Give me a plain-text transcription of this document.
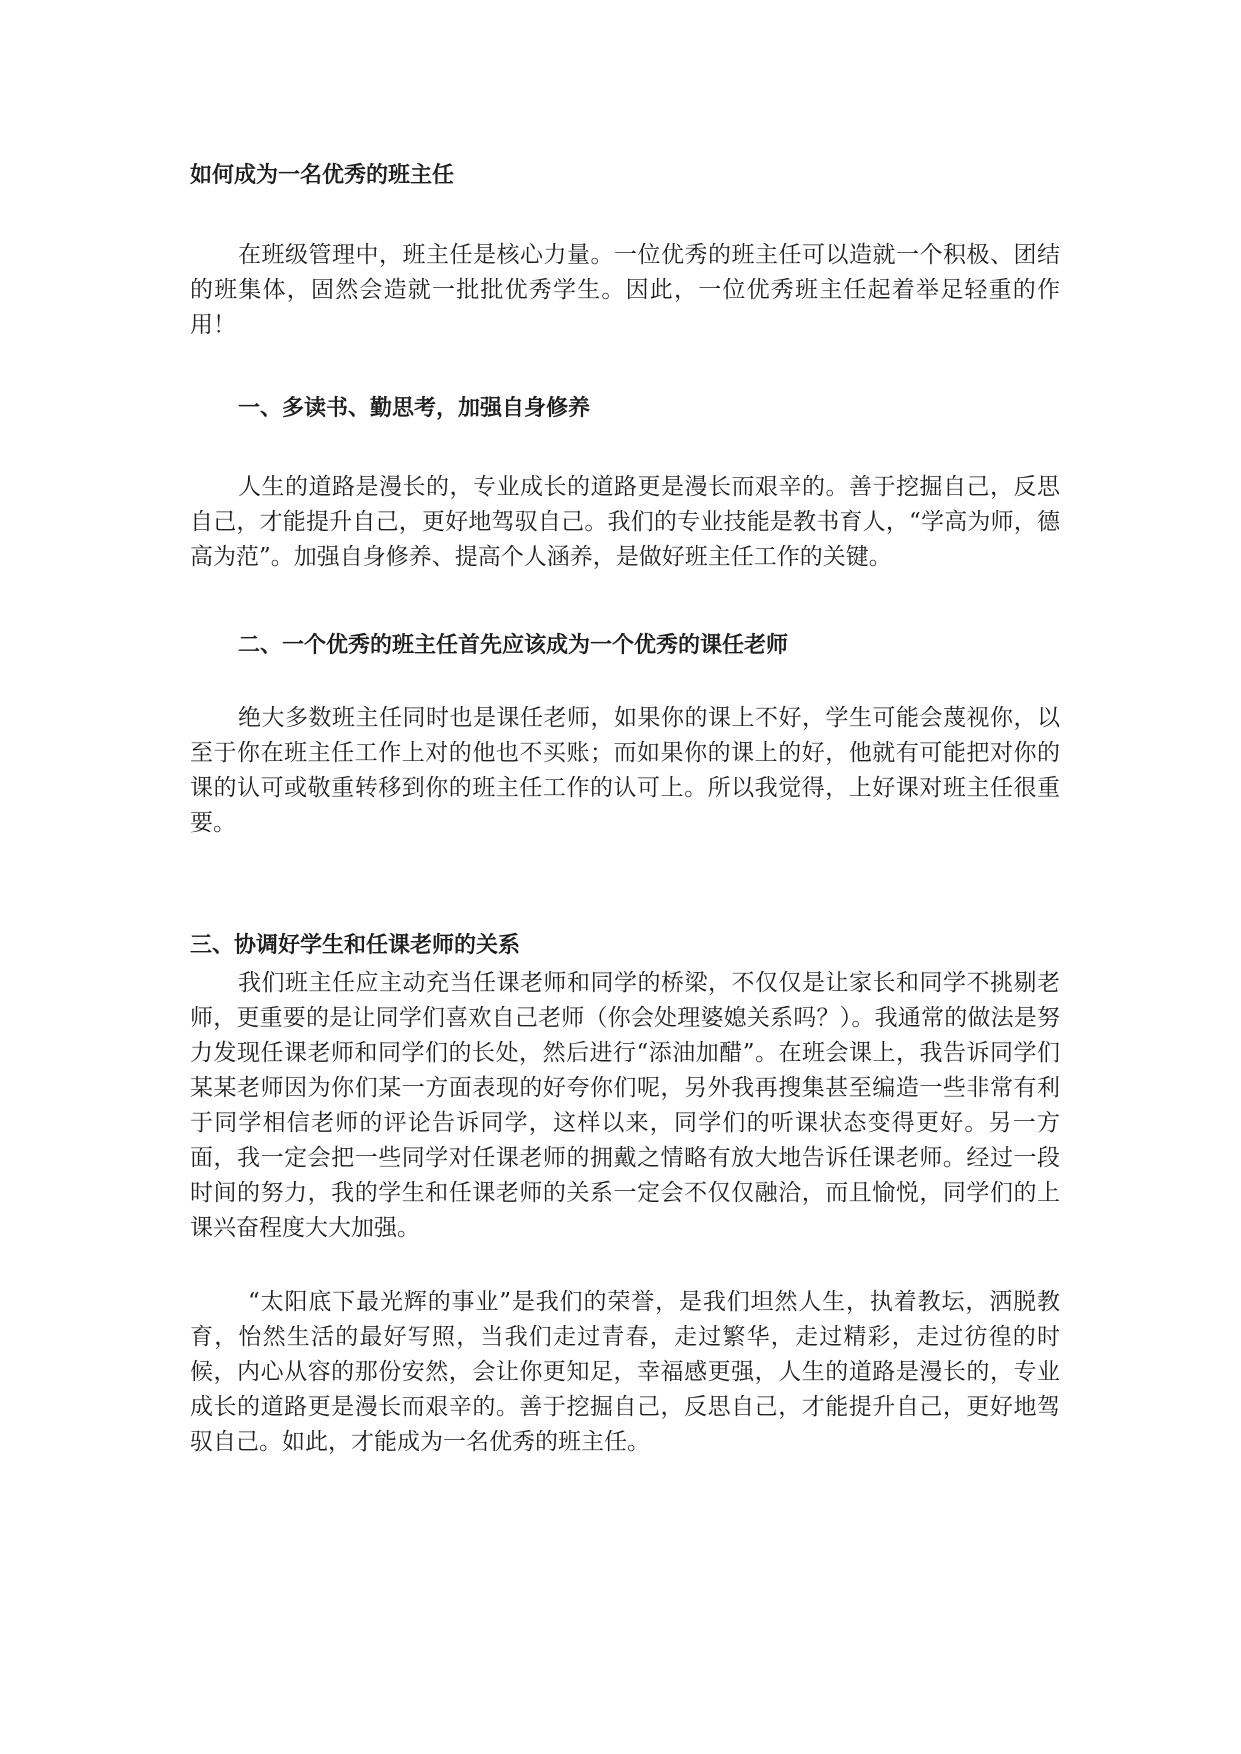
如何成为一名优秀的班主任

在班级管理中，班主任是核心力量。一位优秀的班主任可以造就一个积极、团结的班集体，固然会造就一批批优秀学生。因此，一位优秀班主任起着举足轻重的作用！

一、多读书、勤思考，加强自身修养

人生的道路是漫长的，专业成长的道路更是漫长而艰辛的。善于挖掘自己，反思自己，才能提升自己，更好地驾驭自己。我们的专业技能是教书育人，“学高为师，德高为范”。加强自身修养、提高个人涵养，是做好班主任工作的关键。

二、一个优秀的班主任首先应该成为一个优秀的课任老师

绝大多数班主任同时也是课任老师，如果你的课上不好，学生可能会蔑视你，以至于你在班主任工作上对的他也不买账；而如果你的课上的好，他就有可能把对你的课的认可或敬重转移到你的班主任工作的认可上。所以我觉得，上好课对班主任很重要。

三、协调好学生和任课老师的关系

我们班主任应主动充当任课老师和同学的桥梁，不仅仅是让家长和同学不挑剔老师，更重要的是让同学们喜欢自己老师（你会处理婆媳关系吗？）。我通常的做法是努力发现任课老师和同学们的长处，然后进行“添油加醋”。在班会课上，我告诉同学们某某老师因为你们某一方面表现的好夸你们呢，另外我再搜集甚至编造一些非常有利于同学相信老师的评论告诉同学，这样以来，同学们的听课状态变得更好。另一方面，我一定会把一些同学对任课老师的拥戴之情略有放大地告诉任课老师。经过一段时间的努力，我的学生和任课老师的关系一定会不仅仅融洽，而且愉悦，同学们的上课兴奋程度大大加强。

“太阳底下最光辉的事业”是我们的荣誉，是我们坦然人生，执着教坛，洒脱教育，怡然生活的最好写照，当我们走过青春，走过繁华，走过精彩，走过彷徨的时候，内心从容的那份安然，会让你更知足，幸福感更强，人生的道路是漫长的，专业成长的道路更是漫长而艰辛的。善于挖掘自己，反思自己，才能提升自己，更好地驾驭自己。如此，才能成为一名优秀的班主任。
